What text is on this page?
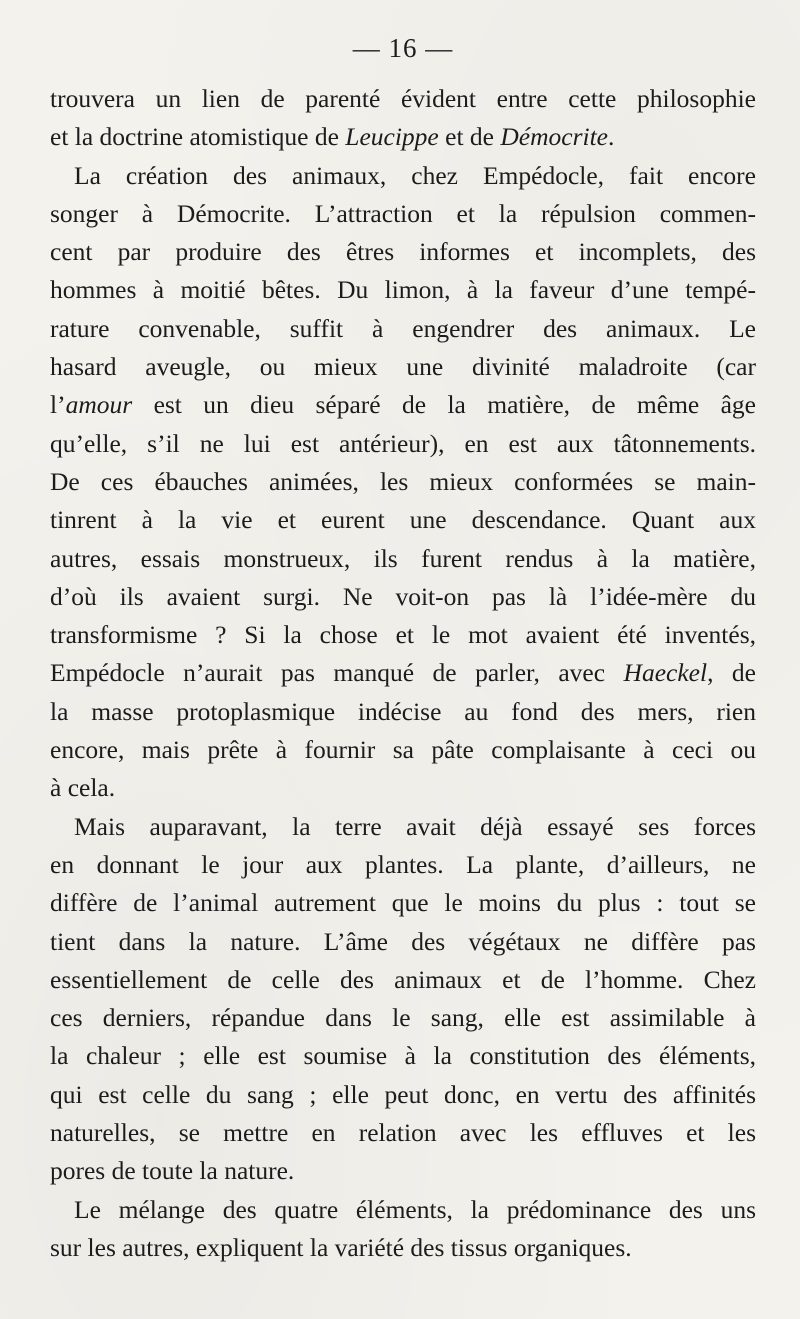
— 16 —

trouvera un lien de parenté évident entre cette philosophie
et la doctrine atomistique de Leucippe et de Démocrite.

La création des animaux, chez Empédocle, fait encore
songer à Démocrite. L’attraction et la répulsion commen-
cent par produire des êtres informes et incomplets, des
hommes à moitié bêtes. Du limon, à la faveur d’une tempé-
rature convenable, suffit à engendrer des animaux. Le
hasard aveugle, ou mieux une divinité maladroite (car
l’amour est un dieu séparé de la matière, de même âge
qu’elle, s’il ne lui est antérieur), en est aux tâtonnements.
De ces ébauches animées, les mieux conformées se main-
tinrent à la vie et eurent une descendance. Quant aux
autres, essais monstrueux, ils furent rendus à la matière,
d’où ils avaient surgi. Ne voit-on pas là l’idée-mère du
transformisme ? Si la chose et le mot avaient été inventés,
Empédocle n’aurait pas manqué de parler, avec Haeckel, de
la masse protoplasmique indécise au fond des mers, rien
encore, mais prête à fournir sa pâte complaisante à ceci ou
à cela.

Mais auparavant, la terre avait déjà essayé ses forces
en donnant le jour aux plantes. La plante, d’ailleurs, ne
diffère de l’animal autrement que le moins du plus : tout se
tient dans la nature. L’âme des végétaux ne diffère pas
essentiellement de celle des animaux et de l’homme. Chez
ces derniers, répandue dans le sang, elle est assimilable à
la chaleur ; elle est soumise à la constitution des éléments,
qui est celle du sang ; elle peut donc, en vertu des affinités
naturelles, se mettre en relation avec les effluves et les
pores de toute la nature.

Le mélange des quatre éléments, la prédominance des uns
sur les autres, expliquent la variété des tissus organiques.
